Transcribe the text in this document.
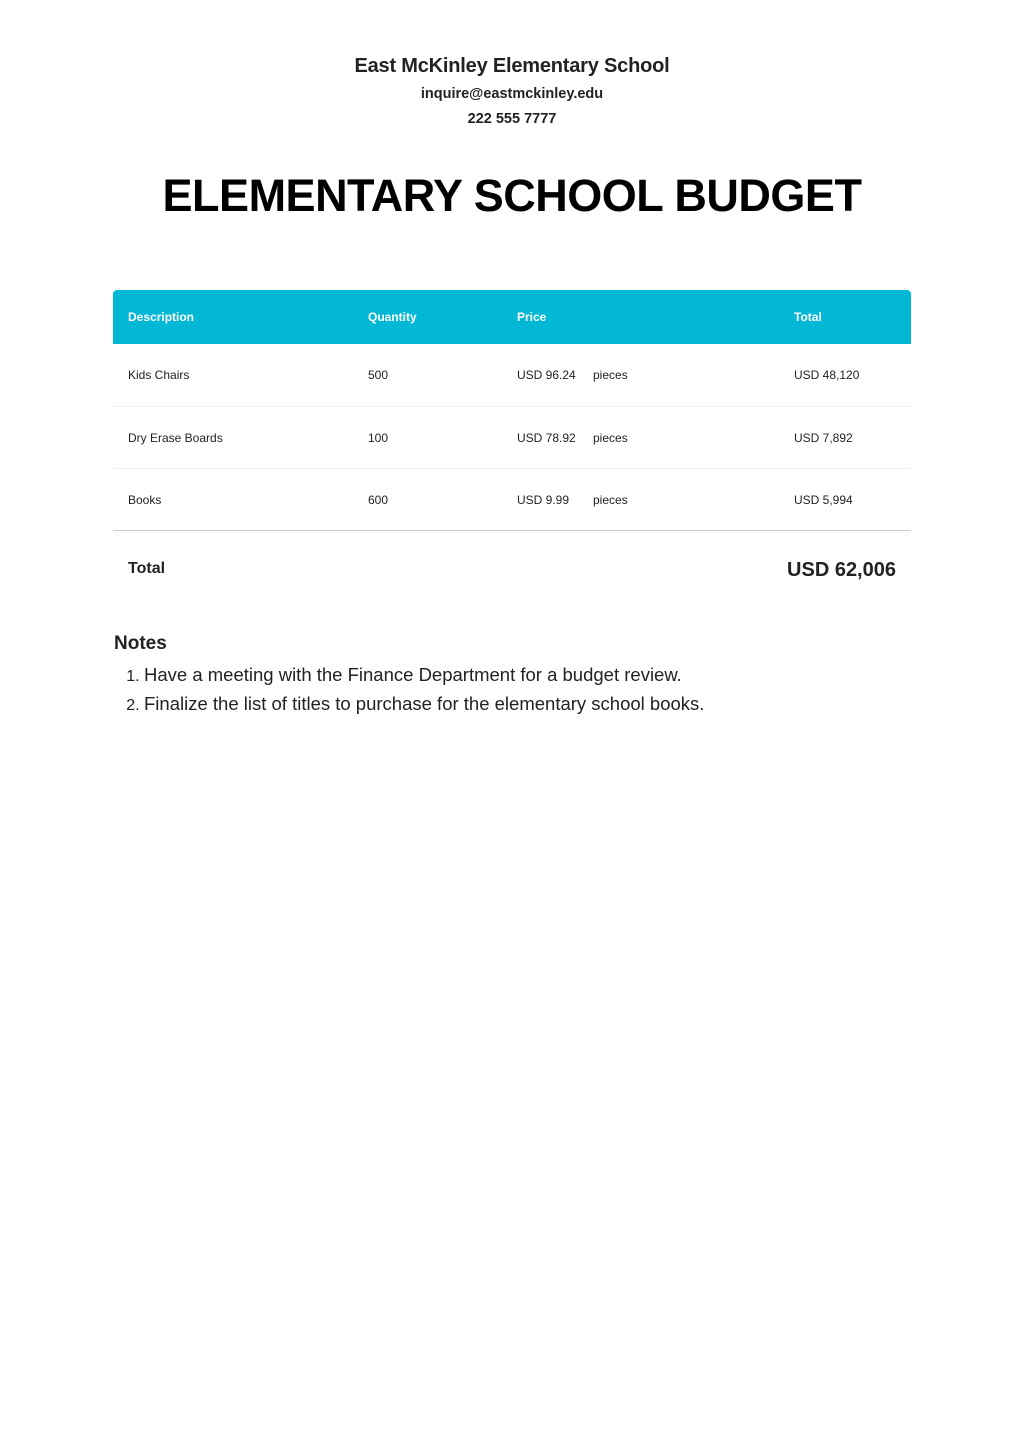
East McKinley Elementary School
inquire@eastmckinley.edu
222 555 7777
ELEMENTARY SCHOOL BUDGET
Description	Quantity	Price	Total
Kids Chairs	500	USD 96.24 pieces	USD 48,120
Dry Erase Boards	100	USD 78.92 pieces	USD 7,892
Books	600	USD 9.99 pieces	USD 5,994
Total	USD 62,006
Notes
1. Have a meeting with the Finance Department for a budget review.
2. Finalize the list of titles to purchase for the elementary school books.
